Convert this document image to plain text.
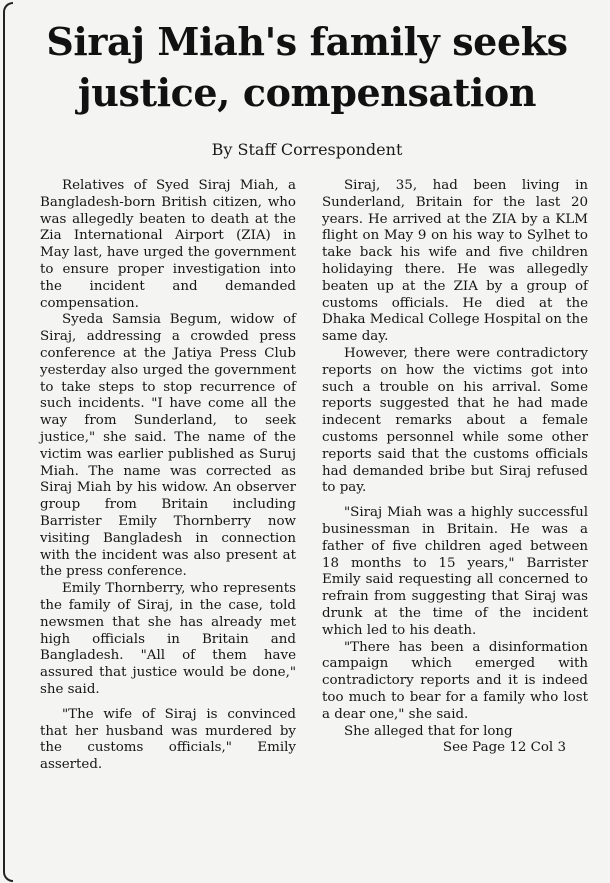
Siraj Miah's family seeks justice, compensation
By Staff Correspondent

Relatives of Syed Siraj Miah, a Bangladesh-born British citizen, who was allegedly beaten to death at the Zia International Airport (ZIA) in May last, have urged the government to ensure proper investigation into the incident and demanded compensation.

Syeda Samsia Begum, widow of Siraj, addressing a crowded press conference at the Jatiya Press Club yesterday also urged the government to take steps to stop recurrence of such incidents. "I have come all the way from Sunderland, to seek justice," she said. The name of the victim was earlier published as Suruj Miah. The name was corrected as Siraj Miah by his widow. An observer group from Britain including Barrister Emily Thornberry now visiting Bangladesh in connection with the incident was also present at the press conference.

Emily Thornberry, who represents the family of Siraj, in the case, told newsmen that she has already met high officials in Britain and Bangladesh. "All of them have assured that justice would be done," she said.

"The wife of Siraj is convinced that her husband was murdered by the customs officials," Emily asserted.

Siraj, 35, had been living in Sunderland, Britain for the last 20 years. He arrived at the ZIA by a KLM flight on May 9 on his way to Sylhet to take back his wife and five children holidaying there. He was allegedly beaten up at the ZIA by a group of customs officials. He died at the Dhaka Medical College Hospital on the same day.

However, there were contradictory reports on how the victims got into such a trouble on his arrival. Some reports suggested that he had made indecent remarks about a female customs personnel while some other reports said that the customs officials had demanded bribe but Siraj refused to pay.

"Siraj Miah was a highly successful businessman in Britain. He was a father of five children aged between 18 months to 15 years," Barrister Emily said requesting all concerned to refrain from suggesting that Siraj was drunk at the time of the incident which led to his death.

"There has been a disinformation campaign which emerged with contradictory reports and it is indeed too much to bear for a family who lost a dear one," she said.

She alleged that for long

See Page 12 Col 3
